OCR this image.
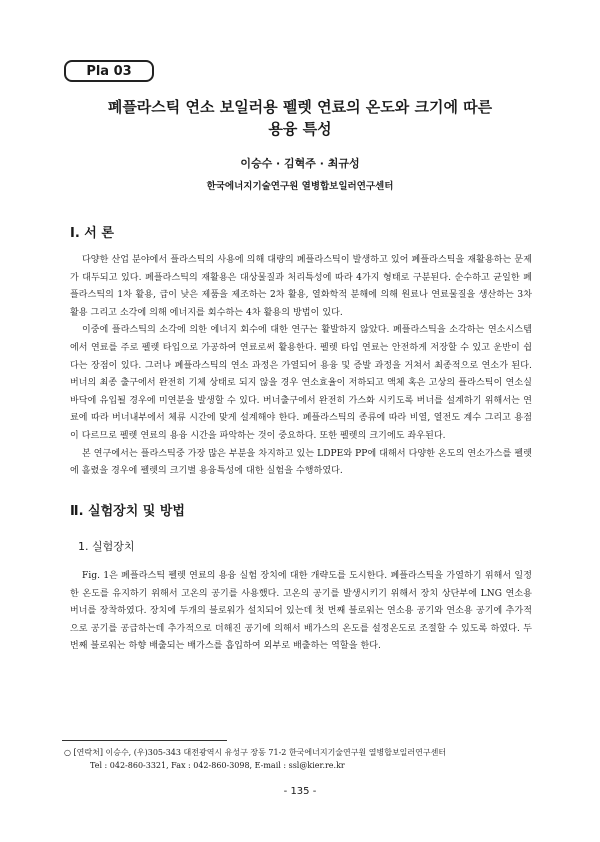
Pla 03
폐플라스틱 연소 보일러용 펠렛 연료의 온도와 크기에 따른
용융 특성
이승수 · 김혁주 · 최규성
한국에너지기술연구원 열병합보일러연구센터
Ⅰ. 서 론

다양한 산업 분야에서 플라스틱의 사용에 의해 대량의 폐플라스틱이 발생하고 있어 폐플라스틱을 재활용하는 문제가 대두되고 있다. 폐플라스틱의 재활용은 대상물질과 처리특성에 따라 4가지 형태로 구분된다. 순수하고 균일한 폐플라스틱의 1차 활용, 급이 낮은 제품을 제조하는 2차 활용, 열화학적 분해에 의해 원료나 연료물질을 생산하는 3차 활용 그리고 소각에 의해 에너지를 회수하는 4차 활용의 방법이 있다.

이중에 플라스틱의 소각에 의한 에너지 회수에 대한 연구는 활발하지 않았다. 폐플라스틱을 소각하는 연소시스템에서 연료를 주로 펠렛 타입으로 가공하여 연료로써 활용한다. 펠렛 타입 연료는 안전하게 저장할 수 있고 운반이 쉽다는 장점이 있다. 그러나 폐플라스틱의 연소 과정은 가열되어 용융 및 증발 과정을 거쳐서 최종적으로 연소가 된다. 버너의 최종 출구에서 완전히 기체 상태로 되지 않을 경우 연소효율이 저하되고 액체 혹은 고상의 플라스틱이 연소실 바닥에 유입될 경우에 미연분을 발생할 수 있다. 버너출구에서 완전히 가스화 시키도록 버너를 설계하기 위해서는 연료에 따라 버너내부에서 체류 시간에 맞게 설계해야 한다. 폐플라스틱의 종류에 따라 비열, 열전도 계수 그리고 용점이 다르므로 펠렛 연료의 용융 시간을 파악하는 것이 중요하다. 또한 펠렛의 크기에도 좌우된다.

본 연구에서는 플라스틱중 가장 많은 부분을 차지하고 있는 LDPE와 PP에 대해서 다양한 온도의 연소가스를 펠렛에 흘렸을 경우에 펠렛의 크기별 용융특성에 대한 실험을 수행하였다.

Ⅱ. 실험장치 및 방법
1. 실험장치

Fig. 1은 폐플라스틱 펠렛 연료의 용융 실험 장치에 대한 개략도를 도시한다. 폐플라스틱을 가열하기 위해서 일정한 온도를 유지하기 위해서 고온의 공기를 사용했다. 고온의 공기를 발생시키기 위해서 장치 상단부에 LNG 연소용 버너를 장착하였다. 장치에 두개의 블로워가 설치되어 있는데 첫 번째 블로워는 연소용 공기와 연소용 공기에 추가적으로 공기를 공급하는데 추가적으로 더해진 공기에 의해서 배가스의 온도를 설정온도로 조절할 수 있도록 하였다. 두 번째 블로워는 하향 배출되는 배가스를 흡입하여 외부로 배출하는 역할을 한다.

○ [연락처] 이승수, (우)305-343 대전광역시 유성구 장동 71-2 한국에너지기술연구원 열병합보일러연구센터
Tel : 042-860-3321, Fax : 042-860-3098, E-mail : ssl@kier.re.kr
- 135 -
